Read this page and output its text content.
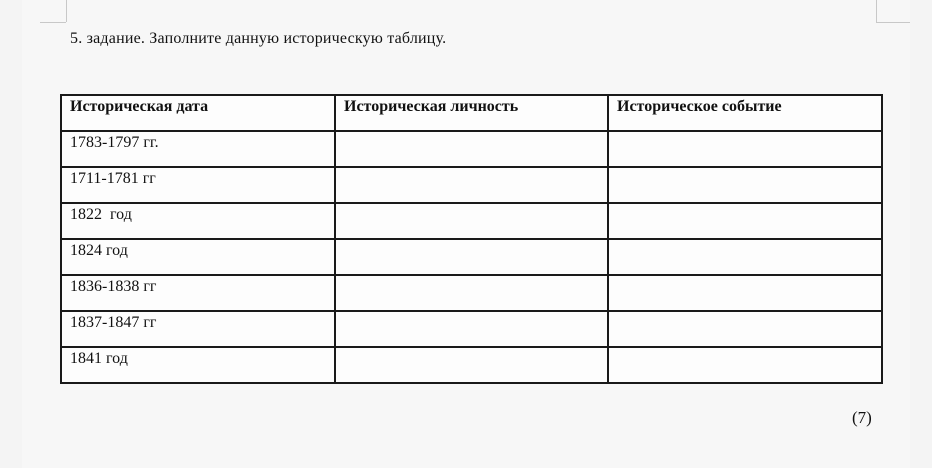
5. задание. Заполните данную историческую таблицу.
Историческая дата	Историческая личность	Историческое событие
1783-1797 гг.		
1711-1781 гг		
1822  год		
1824 год		
1836-1838 гг		
1837-1847 гг		
1841 год		
(7)
